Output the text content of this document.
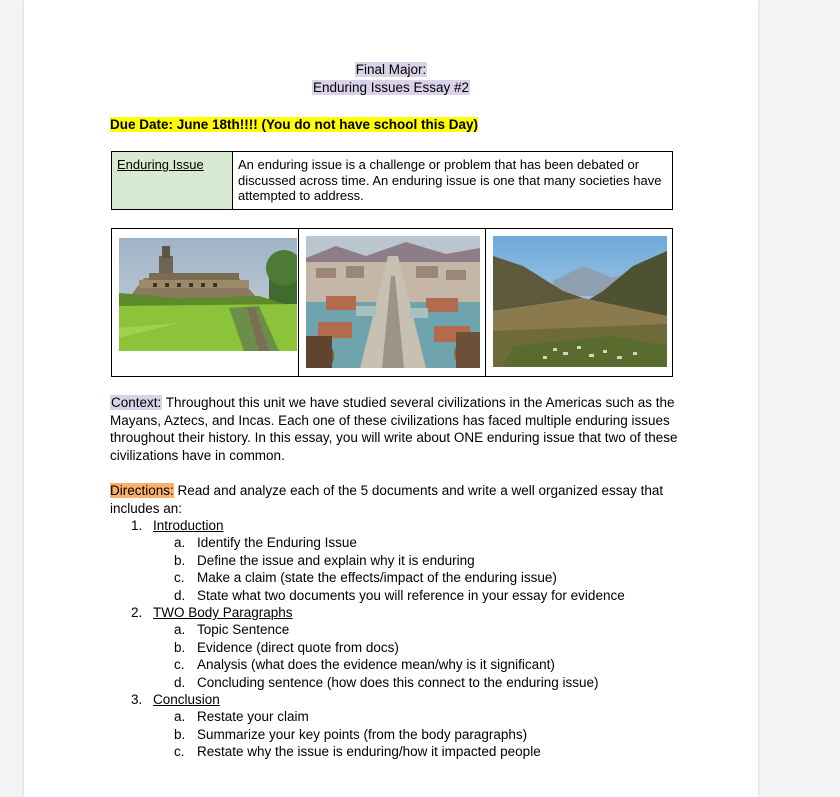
Final Major:
Enduring Issues Essay #2
Due Date: June 18th!!!! (You do not have school this Day)
Enduring Issue	An enduring issue is a challenge or problem that has been debated or discussed across time. An enduring issue is one that many societies have attempted to address.

Context: Throughout this unit we have studied several civilizations in the Americas such as the Mayans, Aztecs, and Incas. Each one of these civilizations has faced multiple enduring issues throughout their history. In this essay, you will write about ONE enduring issue that two of these civilizations have in common.
Directions: Read and analyze each of the 5 documents and write a well organized essay that includes an:
1. Introduction
a. Identify the Enduring Issue
b. Define the issue and explain why it is enduring
c. Make a claim (state the effects/impact of the enduring issue)
d. State what two documents you will reference in your essay for evidence
2. TWO Body Paragraphs
a. Topic Sentence
b. Evidence (direct quote from docs)
c. Analysis (what does the evidence mean/why is it significant)
d. Concluding sentence (how does this connect to the enduring issue)
3. Conclusion
a. Restate your claim
b. Summarize your key points (from the body paragraphs)
c. Restate why the issue is enduring/how it impacted people
